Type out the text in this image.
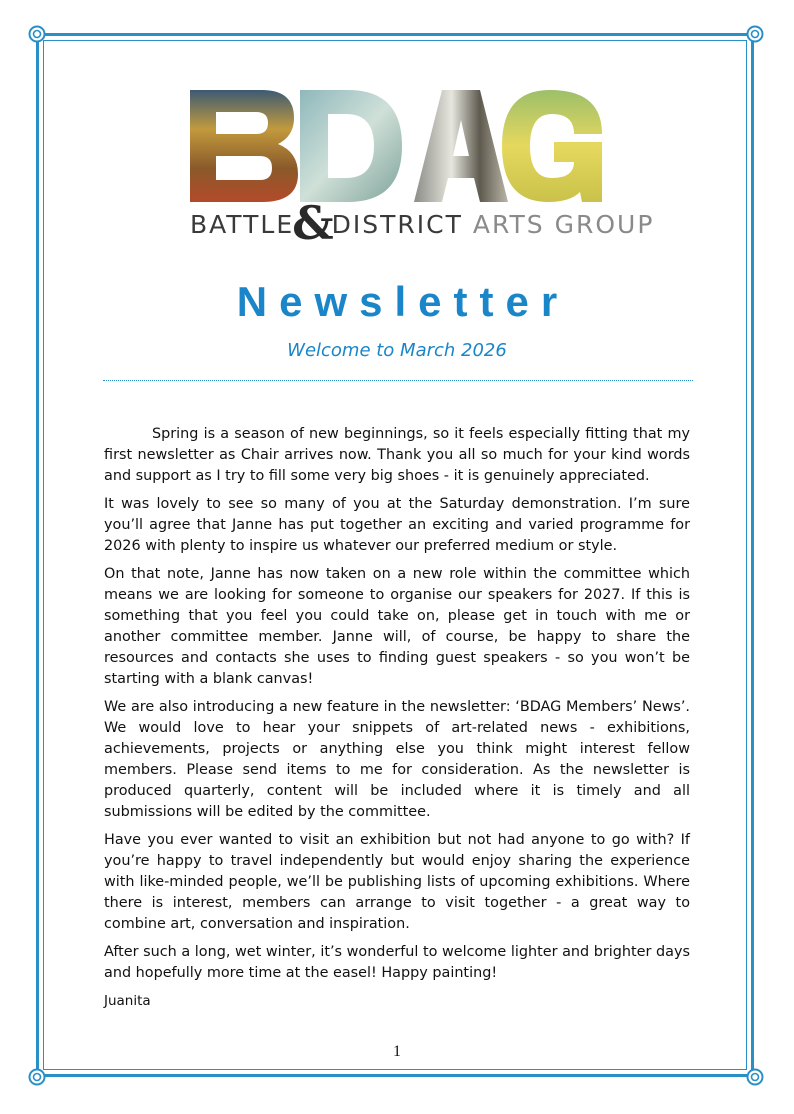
BATTLE&DISTRICT ARTS GROUP
Newsletter
Welcome to March 2026

Spring is a season of new beginnings, so it feels especially fitting that my first newsletter as Chair arrives now. Thank you all so much for your kind words and support as I try to fill some very big shoes - it is genuinely appreciated.

It was lovely to see so many of you at the Saturday demonstration. I’m sure you’ll agree that Janne has put together an exciting and varied programme for 2026 with plenty to inspire us whatever our preferred medium or style.

On that note, Janne has now taken on a new role within the committee which means we are looking for someone to organise our speakers for 2027. If this is something that you feel you could take on, please get in touch with me or another committee member. Janne will, of course, be happy to share the resources and contacts she uses to finding guest speakers - so you won’t be starting with a blank canvas!

We are also introducing a new feature in the newsletter: ‘BDAG Members’ News’. We would love to hear your snippets of art-related news - exhibitions, achievements, projects or anything else you think might interest fellow members. Please send items to me for consideration. As the newsletter is produced quarterly, content will be included where it is timely and all submissions will be edited by the committee.

Have you ever wanted to visit an exhibition but not had anyone to go with? If you’re happy to travel independently but would enjoy sharing the experience with like-minded people, we’ll be publishing lists of upcoming exhibitions. Where there is interest, members can arrange to visit together - a great way to combine art, conversation and inspiration.

After such a long, wet winter, it’s wonderful to welcome lighter and brighter days and hopefully more time at the easel! Happy painting!

Juanita
1
